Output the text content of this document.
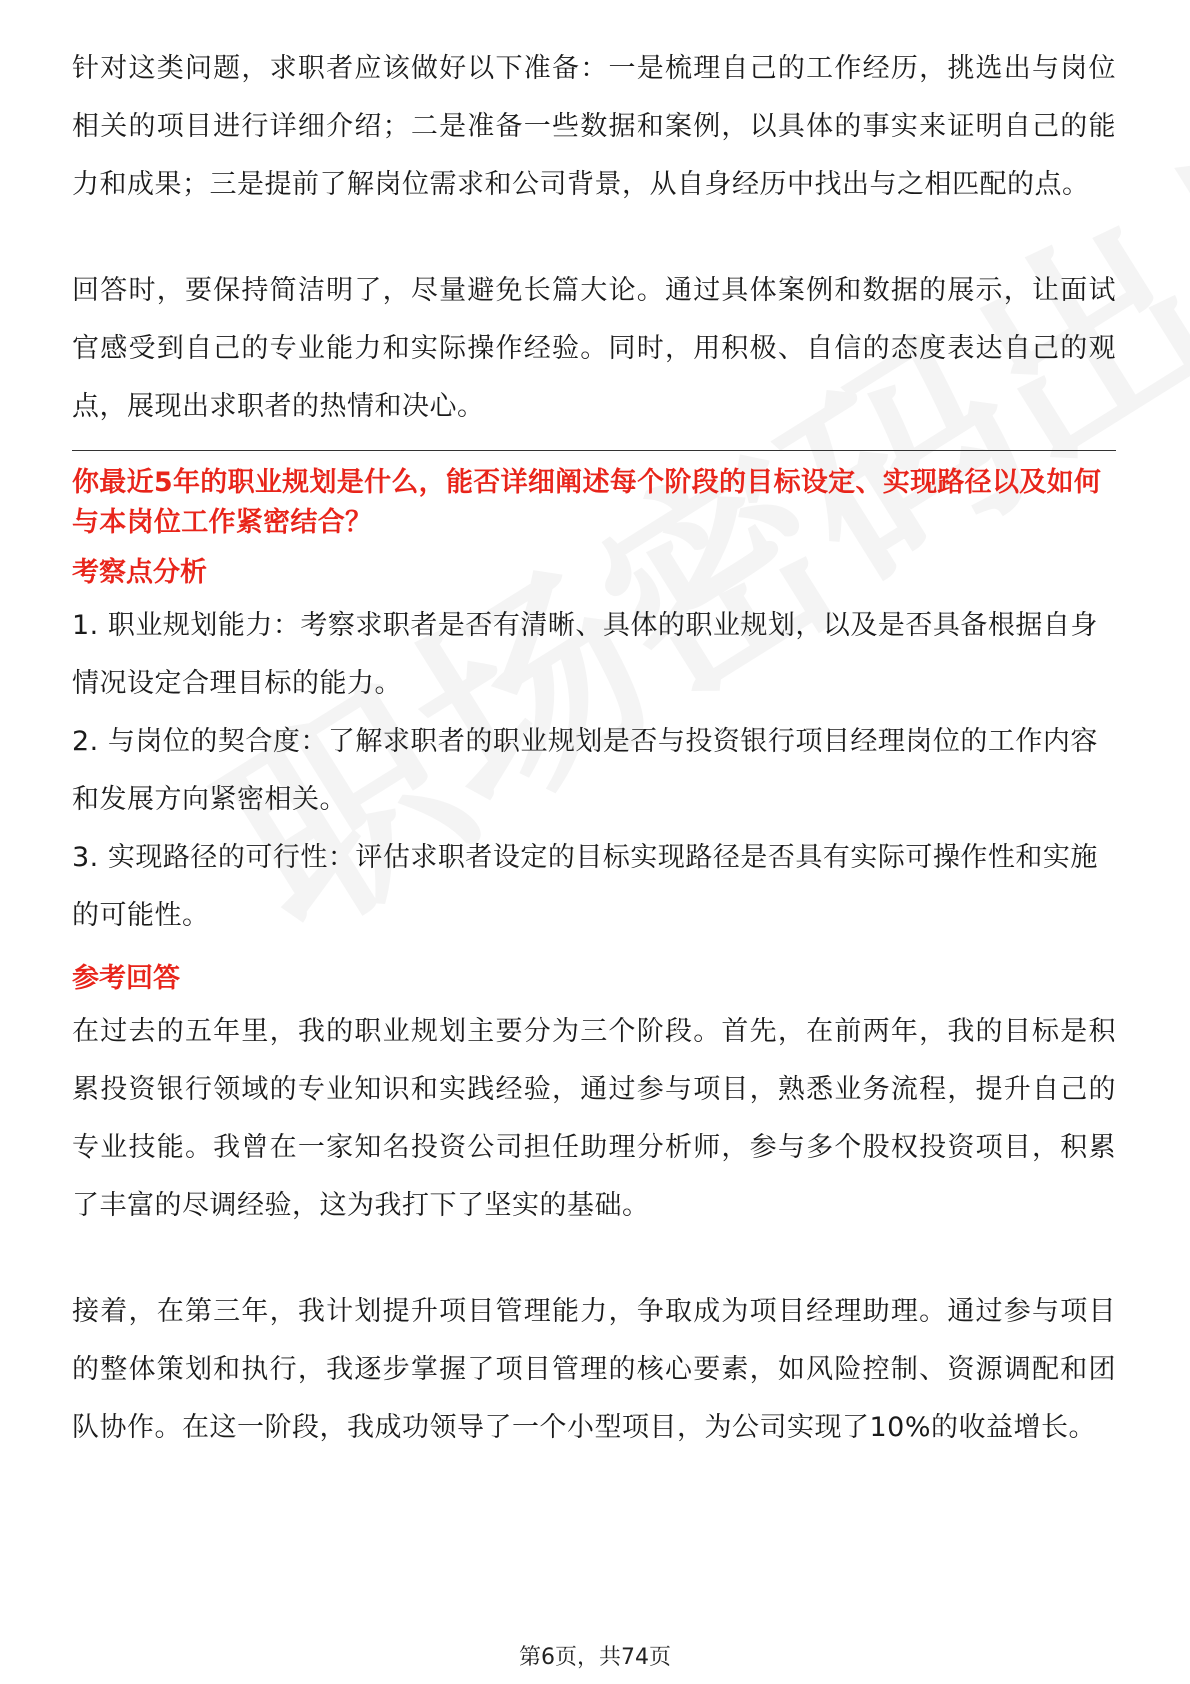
针对这类问题，求职者应该做好以下准备：一是梳理自己的工作经历，挑选出与岗位相关的项目进行详细介绍；二是准备一些数据和案例，以具体的事实来证明自己的能力和成果；三是提前了解岗位需求和公司背景，从自身经历中找出与之相匹配的点。

回答时，要保持简洁明了，尽量避免长篇大论。通过具体案例和数据的展示，让面试官感受到自己的专业能力和实际操作经验。同时，用积极、自信的态度表达自己的观点，展现出求职者的热情和决心。

你最近5年的职业规划是什么，能否详细阐述每个阶段的目标设定、实现路径以及如何与本岗位工作紧密结合？

考察点分析

1. 职业规划能力：考察求职者是否有清晰、具体的职业规划，以及是否具备根据自身情况设定合理目标的能力。

2. 与岗位的契合度：了解求职者的职业规划是否与投资银行项目经理岗位的工作内容和发展方向紧密相关。

3. 实现路径的可行性：评估求职者设定的目标实现路径是否具有实际可操作性和实施的可能性。

参考回答

在过去的五年里，我的职业规划主要分为三个阶段。首先，在前两年，我的目标是积累投资银行领域的专业知识和实践经验，通过参与项目，熟悉业务流程，提升自己的专业技能。我曾在一家知名投资公司担任助理分析师，参与多个股权投资项目，积累了丰富的尽调经验，这为我打下了坚实的基础。

接着，在第三年，我计划提升项目管理能力，争取成为项目经理助理。通过参与项目的整体策划和执行，我逐步掌握了项目管理的核心要素，如风险控制、资源调配和团队协作。在这一阶段，我成功领导了一个小型项目，为公司实现了10%的收益增长。

第6页，共74页
